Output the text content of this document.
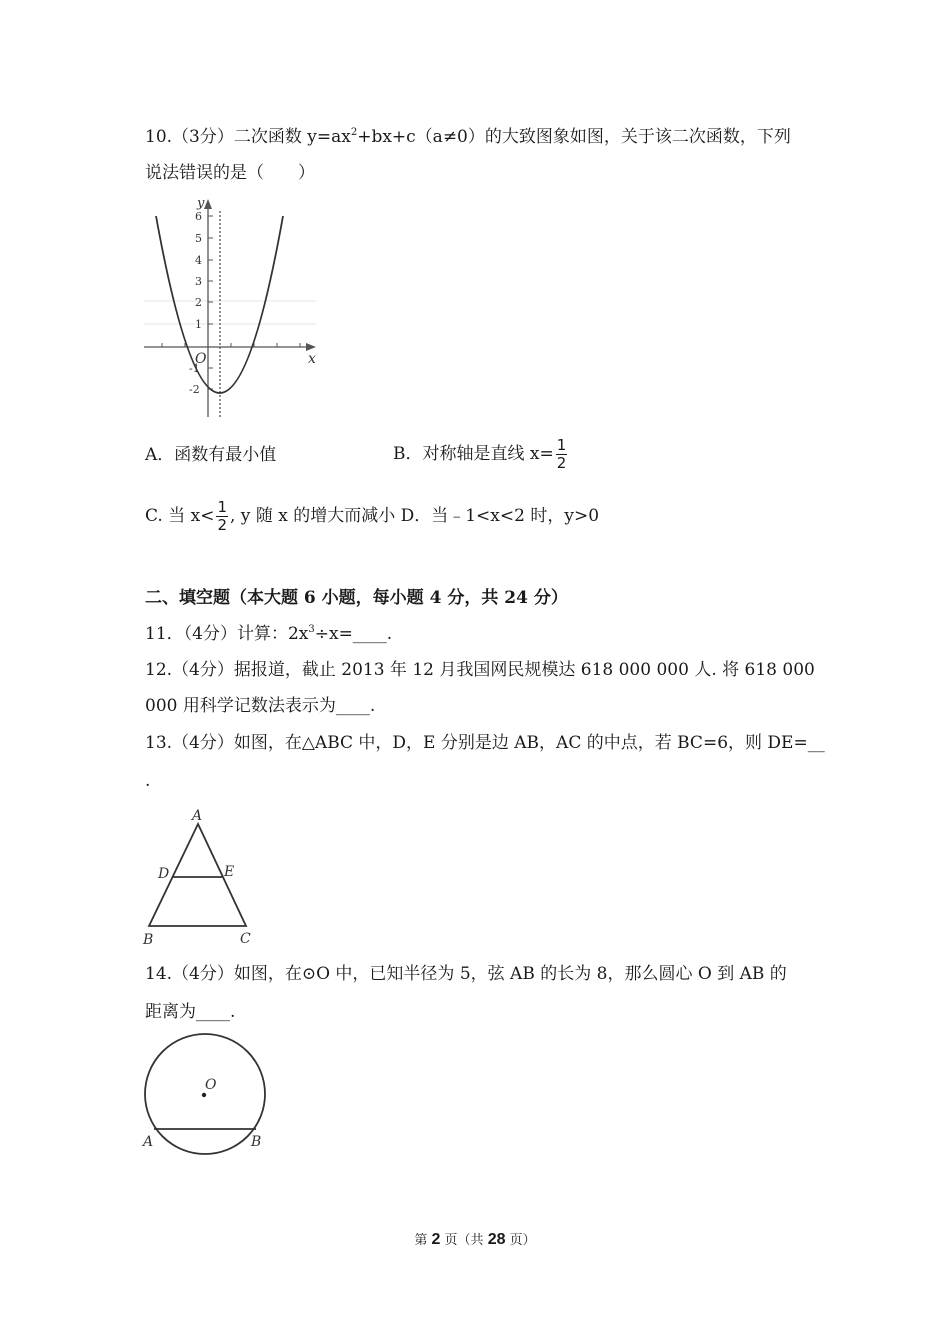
10.（3分）二次函数 $y=ax^2+bx+c(a\ne 0)$的大致图象如图，关于该二次函数，下列
说法错误的是（　　）
y
x
O
6
5
4
3
2
1
-1
-2
A．函数有最小值	B．对称轴是直线 $x= \frac{1}{2}$
C. 当 $x< \frac{1}{2}$ , y 随 x 的增大而减小 D．当﹣1<x<2 时，y>0
二、填空题（本大题 6 小题，每小题 4 分，共 24 分）
11．（4分）计算：$2x^3\div x=\_\_\_\_$.
12.（4分）据报道，截止 2013 年 12 月我国网民规模达 618 000 000 人. 将 618 000
000 用科学记数法表示为____.
13.（4分）如图，在△ABC 中，D，E 分别是边 AB，AC 的中点，若 BC=6，则 DE=__
.
A
D	E
B	C
14.（4分）如图，在⊙O 中，已知半径为 5，弦 AB 的长为 8，那么圆心 O 到 AB 的
距离为____.
O
A	B
第 2 页（共 28 页）
